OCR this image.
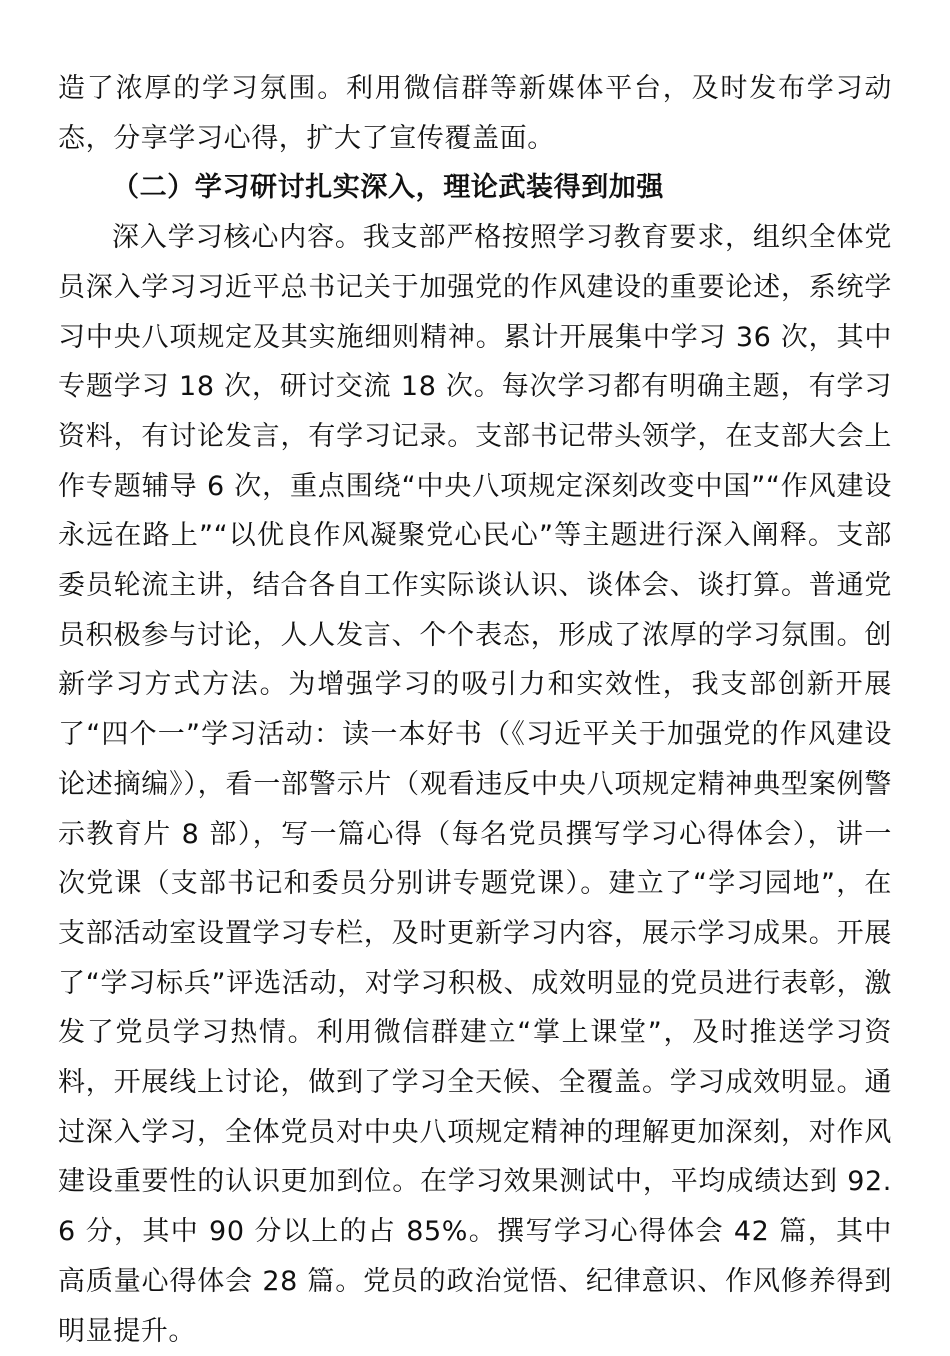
造了浓厚的学习氛围。利用微信群等新媒体平台，及时发布学习动态，分享学习心得，扩大了宣传覆盖面。

（二）学习研讨扎实深入，理论武装得到加强

深入学习核心内容。我支部严格按照学习教育要求，组织全体党员深入学习习近平总书记关于加强党的作风建设的重要论述，系统学习中央八项规定及其实施细则精神。累计开展集中学习 36 次，其中专题学习 18 次，研讨交流 18 次。每次学习都有明确主题，有学习资料，有讨论发言，有学习记录。支部书记带头领学，在支部大会上作专题辅导 6 次，重点围绕“中央八项规定深刻改变中国”“作风建设永远在路上”“以优良作风凝聚党心民心”等主题进行深入阐释。支部委员轮流主讲，结合各自工作实际谈认识、谈体会、谈打算。普通党员积极参与讨论，人人发言、个个表态，形成了浓厚的学习氛围。创新学习方式方法。为增强学习的吸引力和实效性，我支部创新开展了“四个一”学习活动：读一本好书（《习近平关于加强党的作风建设论述摘编》），看一部警示片（观看违反中央八项规定精神典型案例警示教育片 8 部），写一篇心得（每名党员撰写学习心得体会），讲一次党课（支部书记和委员分别讲专题党课）。建立了“学习园地”，在支部活动室设置学习专栏，及时更新学习内容，展示学习成果。开展了“学习标兵”评选活动，对学习积极、成效明显的党员进行表彰，激发了党员学习热情。利用微信群建立“掌上课堂”，及时推送学习资料，开展线上讨论，做到了学习全天候、全覆盖。学习成效明显。通过深入学习，全体党员对中央八项规定精神的理解更加深刻，对作风建设重要性的认识更加到位。在学习效果测试中，平均成绩达到 92.6 分，其中 90 分以上的占 85%。撰写学习心得体会 42 篇，其中高质量心得体会 28 篇。党员的政治觉悟、纪律意识、作风修养得到明显提升。
